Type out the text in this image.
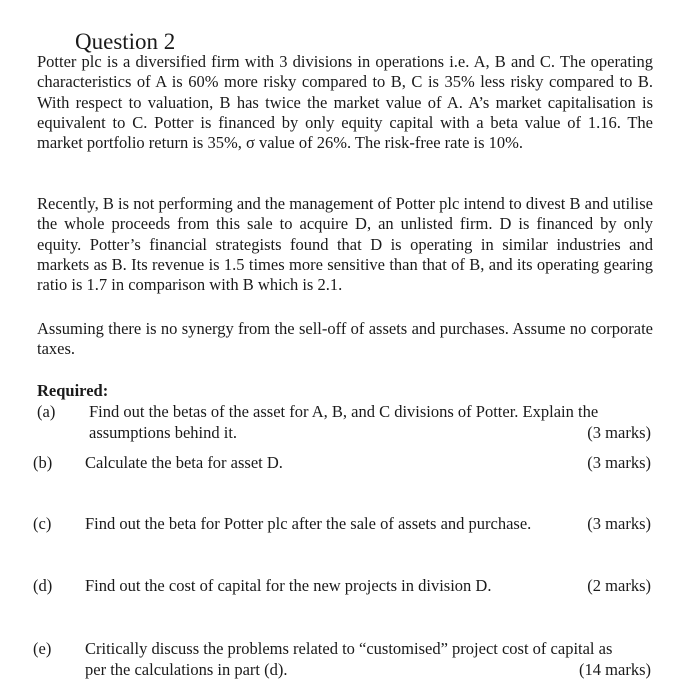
Question 2

Potter plc is a diversified firm with 3 divisions in operations i.e. A, B and C. The operating characteristics of A is 60% more risky compared to B, C is 35% less risky compared to B. With respect to valuation, B has twice the market value of A. A’s market capitalisation is equivalent to C. Potter is financed by only equity capital with a beta value of 1.16. The market portfolio return is 35%, σ value of 26%. The risk-free rate is 10%.

Recently, B is not performing and the management of Potter plc intend to divest B and utilise the whole proceeds from this sale to acquire D, an unlisted firm. D is financed by only equity. Potter’s financial strategists found that D is operating in similar industries and markets as B. Its revenue is 1.5 times more sensitive than that of B, and its operating gearing ratio is 1.7 in comparison with B which is 2.1.

Assuming there is no synergy from the sell-off of assets and purchases. Assume no corporate taxes.

Required:
(a) Find out the betas of the asset for A, B, and C divisions of Potter. Explain the
assumptions behind it.	(3 marks)
(b) Calculate the beta for asset D.	(3 marks)
(c) Find out the beta for Potter plc after the sale of assets and purchase.	(3 marks)
(d) Find out the cost of capital for the new projects in division D.	(2 marks)
(e) Critically discuss the problems related to “customised” project cost of capital as
per the calculations in part (d).	(14 marks)
